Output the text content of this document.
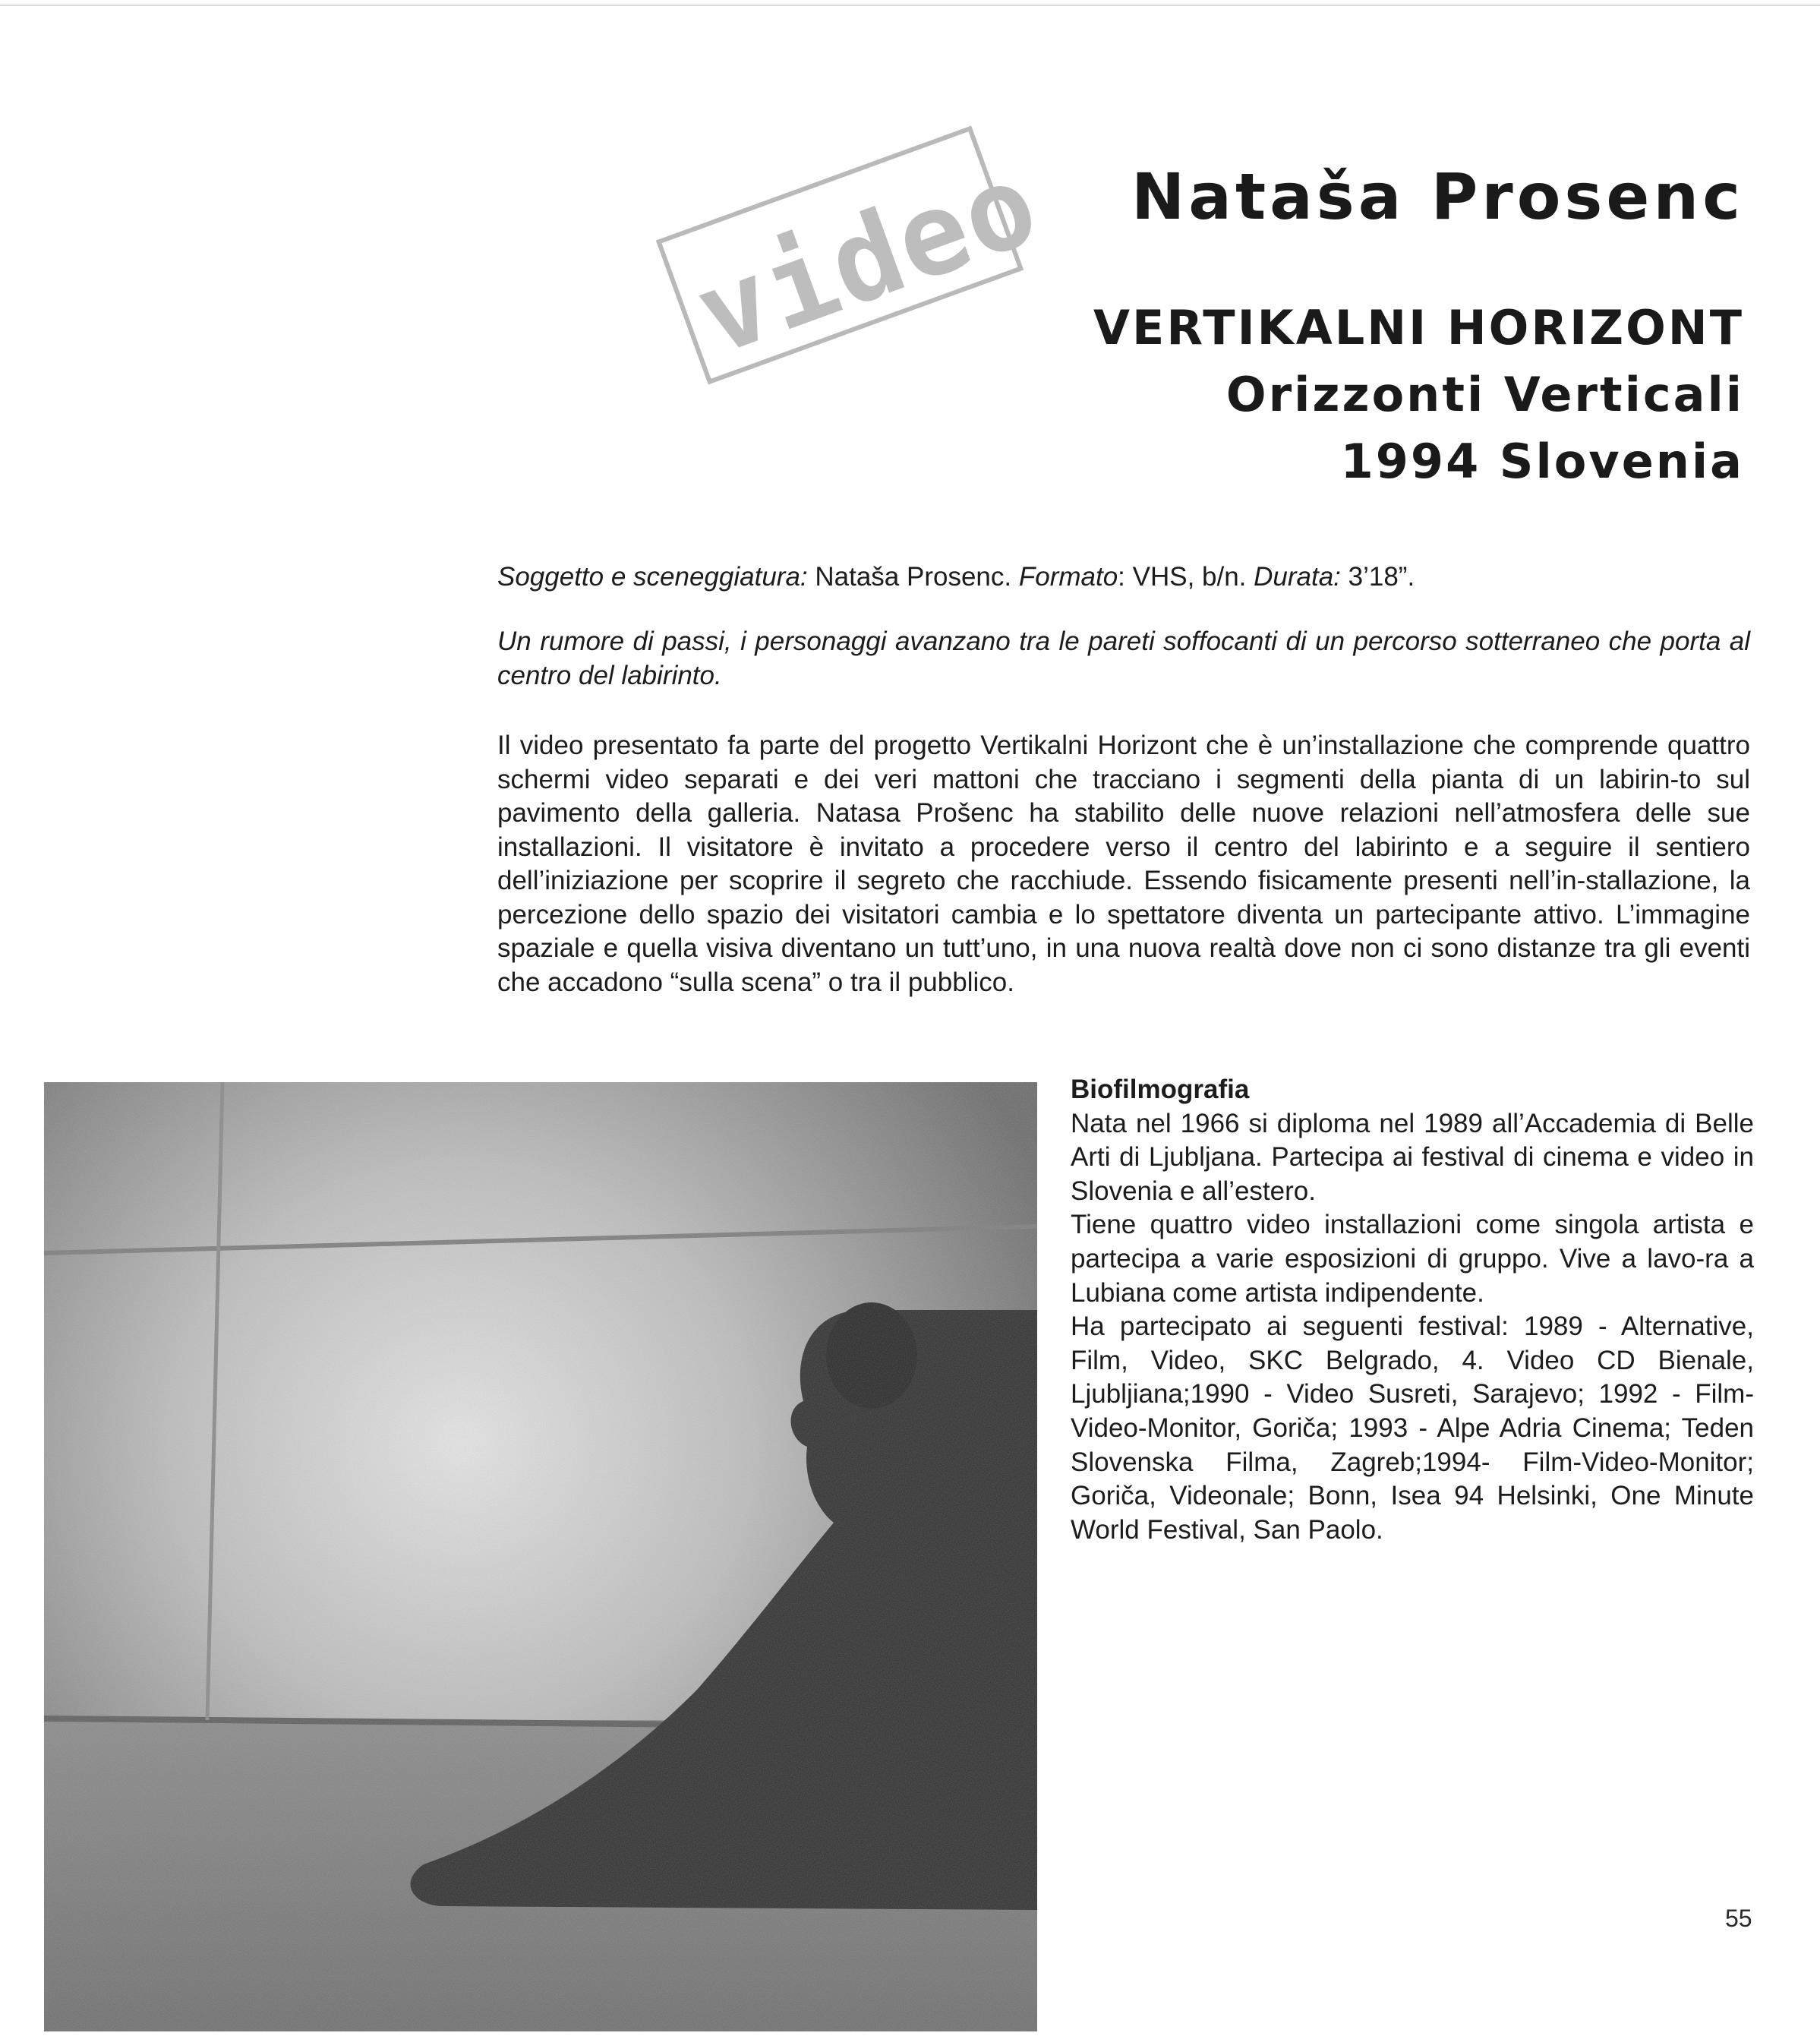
video Nataša Prosenc
VERTIKALNI HORIZONT
Orizzonti Verticali
1994 Slovenia
Soggetto e sceneggiatura: Nataša Prosenc. Formato: VHS, b/n. Durata: 3’18”.
Un rumore di passi, i personaggi avanzano tra le pareti soffocanti di un percorso sotterraneo che porta al centro del labirinto.
Il video presentato fa parte del progetto Vertikalni Horizont che è un’installazione che comprende quattro schermi video separati e dei veri mattoni che tracciano i segmenti della pianta di un labirin-to sul pavimento della galleria. Natasa Prošenc ha stabilito delle nuove relazioni nell’atmosfera delle sue installazioni. Il visitatore è invitato a procedere verso il centro del labirinto e a seguire il sentiero dell’iniziazione per scoprire il segreto che racchiude. Essendo fisicamente presenti nell’in-stallazione, la percezione dello spazio dei visitatori cambia e lo spettatore diventa un partecipante attivo. L’immagine spaziale e quella visiva diventano un tutt’uno, in una nuova realtà dove non ci sono distanze tra gli eventi che accadono “sulla scena” o tra il pubblico.
Biofilmografia

Nata nel 1966 si diploma nel 1989 all’Accademia di Belle Arti di Ljubljana. Partecipa ai festival di cinema e video in Slovenia e all’estero.

Tiene quattro video installazioni come singola artista e partecipa a varie esposizioni di gruppo. Vive a lavo-ra a Lubiana come artista indipendente.

Ha partecipato ai seguenti festival: 1989 - Alternative, Film, Video, SKC Belgrado, 4. Video CD Bienale, Ljubljiana;1990 - Video Susreti, Sarajevo; 1992 - Film-Video-Monitor, Goriča; 1993 - Alpe Adria Cinema; Teden Slovenska Filma, Zagreb;1994- Film-Video-Monitor; Goriča, Videonale; Bonn, Isea 94 Helsinki, One Minute World Festival, San Paolo.

55
